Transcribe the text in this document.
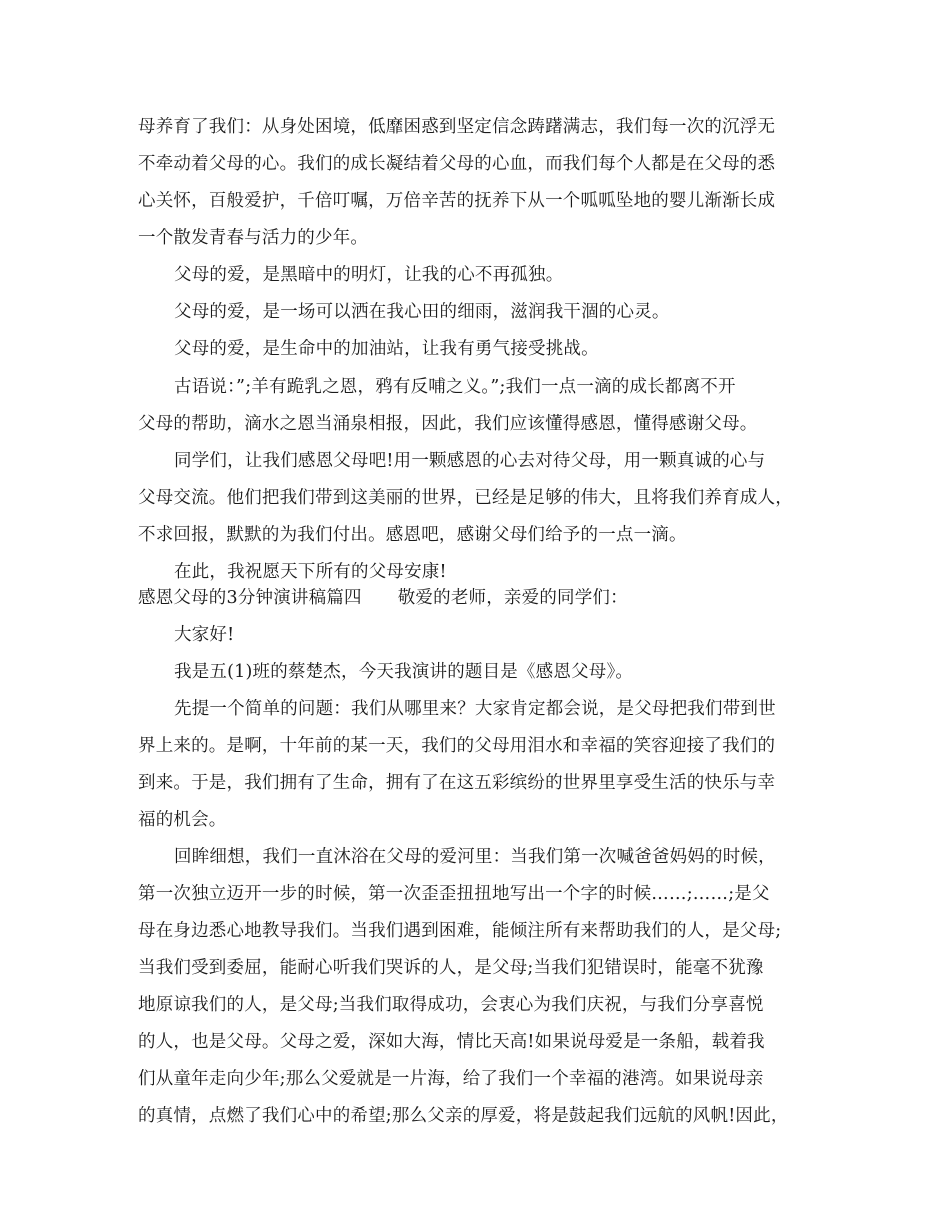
母养育了我们：从身处困境，低靡困惑到坚定信念踌躇满志，我们每一次的沉浮无
不牵动着父母的心。我们的成长凝结着父母的心血，而我们每个人都是在父母的悉
心关怀，百般爱护，千倍叮嘱，万倍辛苦的抚养下从一个呱呱坠地的婴儿渐渐长成
一个散发青春与活力的少年。
父母的爱，是黑暗中的明灯，让我的心不再孤独。
父母的爱，是一场可以洒在我心田的细雨，滋润我干涸的心灵。
父母的爱，是生命中的加油站，让我有勇气接受挑战。
古语说：”;羊有跪乳之恩，鸦有反哺之义。”;我们一点一滴的成长都离不开
父母的帮助，滴水之恩当涌泉相报，因此，我们应该懂得感恩，懂得感谢父母。
同学们，让我们感恩父母吧!用一颗感恩的心去对待父母，用一颗真诚的心与
父母交流。他们把我们带到这美丽的世界，已经是足够的伟大，且将我们养育成人，
不求回报，默默的为我们付出。感恩吧，感谢父母们给予的一点一滴。
在此，我祝愿天下所有的父母安康!
感恩父母的3分钟演讲稿篇四 敬爱的老师，亲爱的同学们：
大家好!
我是五(1)班的蔡楚杰，今天我演讲的题目是《感恩父母》。
先提一个简单的问题：我们从哪里来？大家肯定都会说，是父母把我们带到世
界上来的。是啊，十年前的某一天，我们的父母用泪水和幸福的笑容迎接了我们的
到来。于是，我们拥有了生命，拥有了在这五彩缤纷的世界里享受生活的快乐与幸
福的机会。
回眸细想，我们一直沐浴在父母的爱河里：当我们第一次喊爸爸妈妈的时候，
第一次独立迈开一步的时候，第一次歪歪扭扭地写出一个字的时候……;……;是父
母在身边悉心地教导我们。当我们遇到困难，能倾注所有来帮助我们的人，是父母;
当我们受到委屈，能耐心听我们哭诉的人，是父母;当我们犯错误时，能毫不犹豫
地原谅我们的人，是父母;当我们取得成功，会衷心为我们庆祝，与我们分享喜悦
的人，也是父母。父母之爱，深如大海，情比天高!如果说母爱是一条船，载着我
们从童年走向少年;那么父爱就是一片海，给了我们一个幸福的港湾。如果说母亲
的真情，点燃了我们心中的希望;那么父亲的厚爱，将是鼓起我们远航的风帆!因此，
